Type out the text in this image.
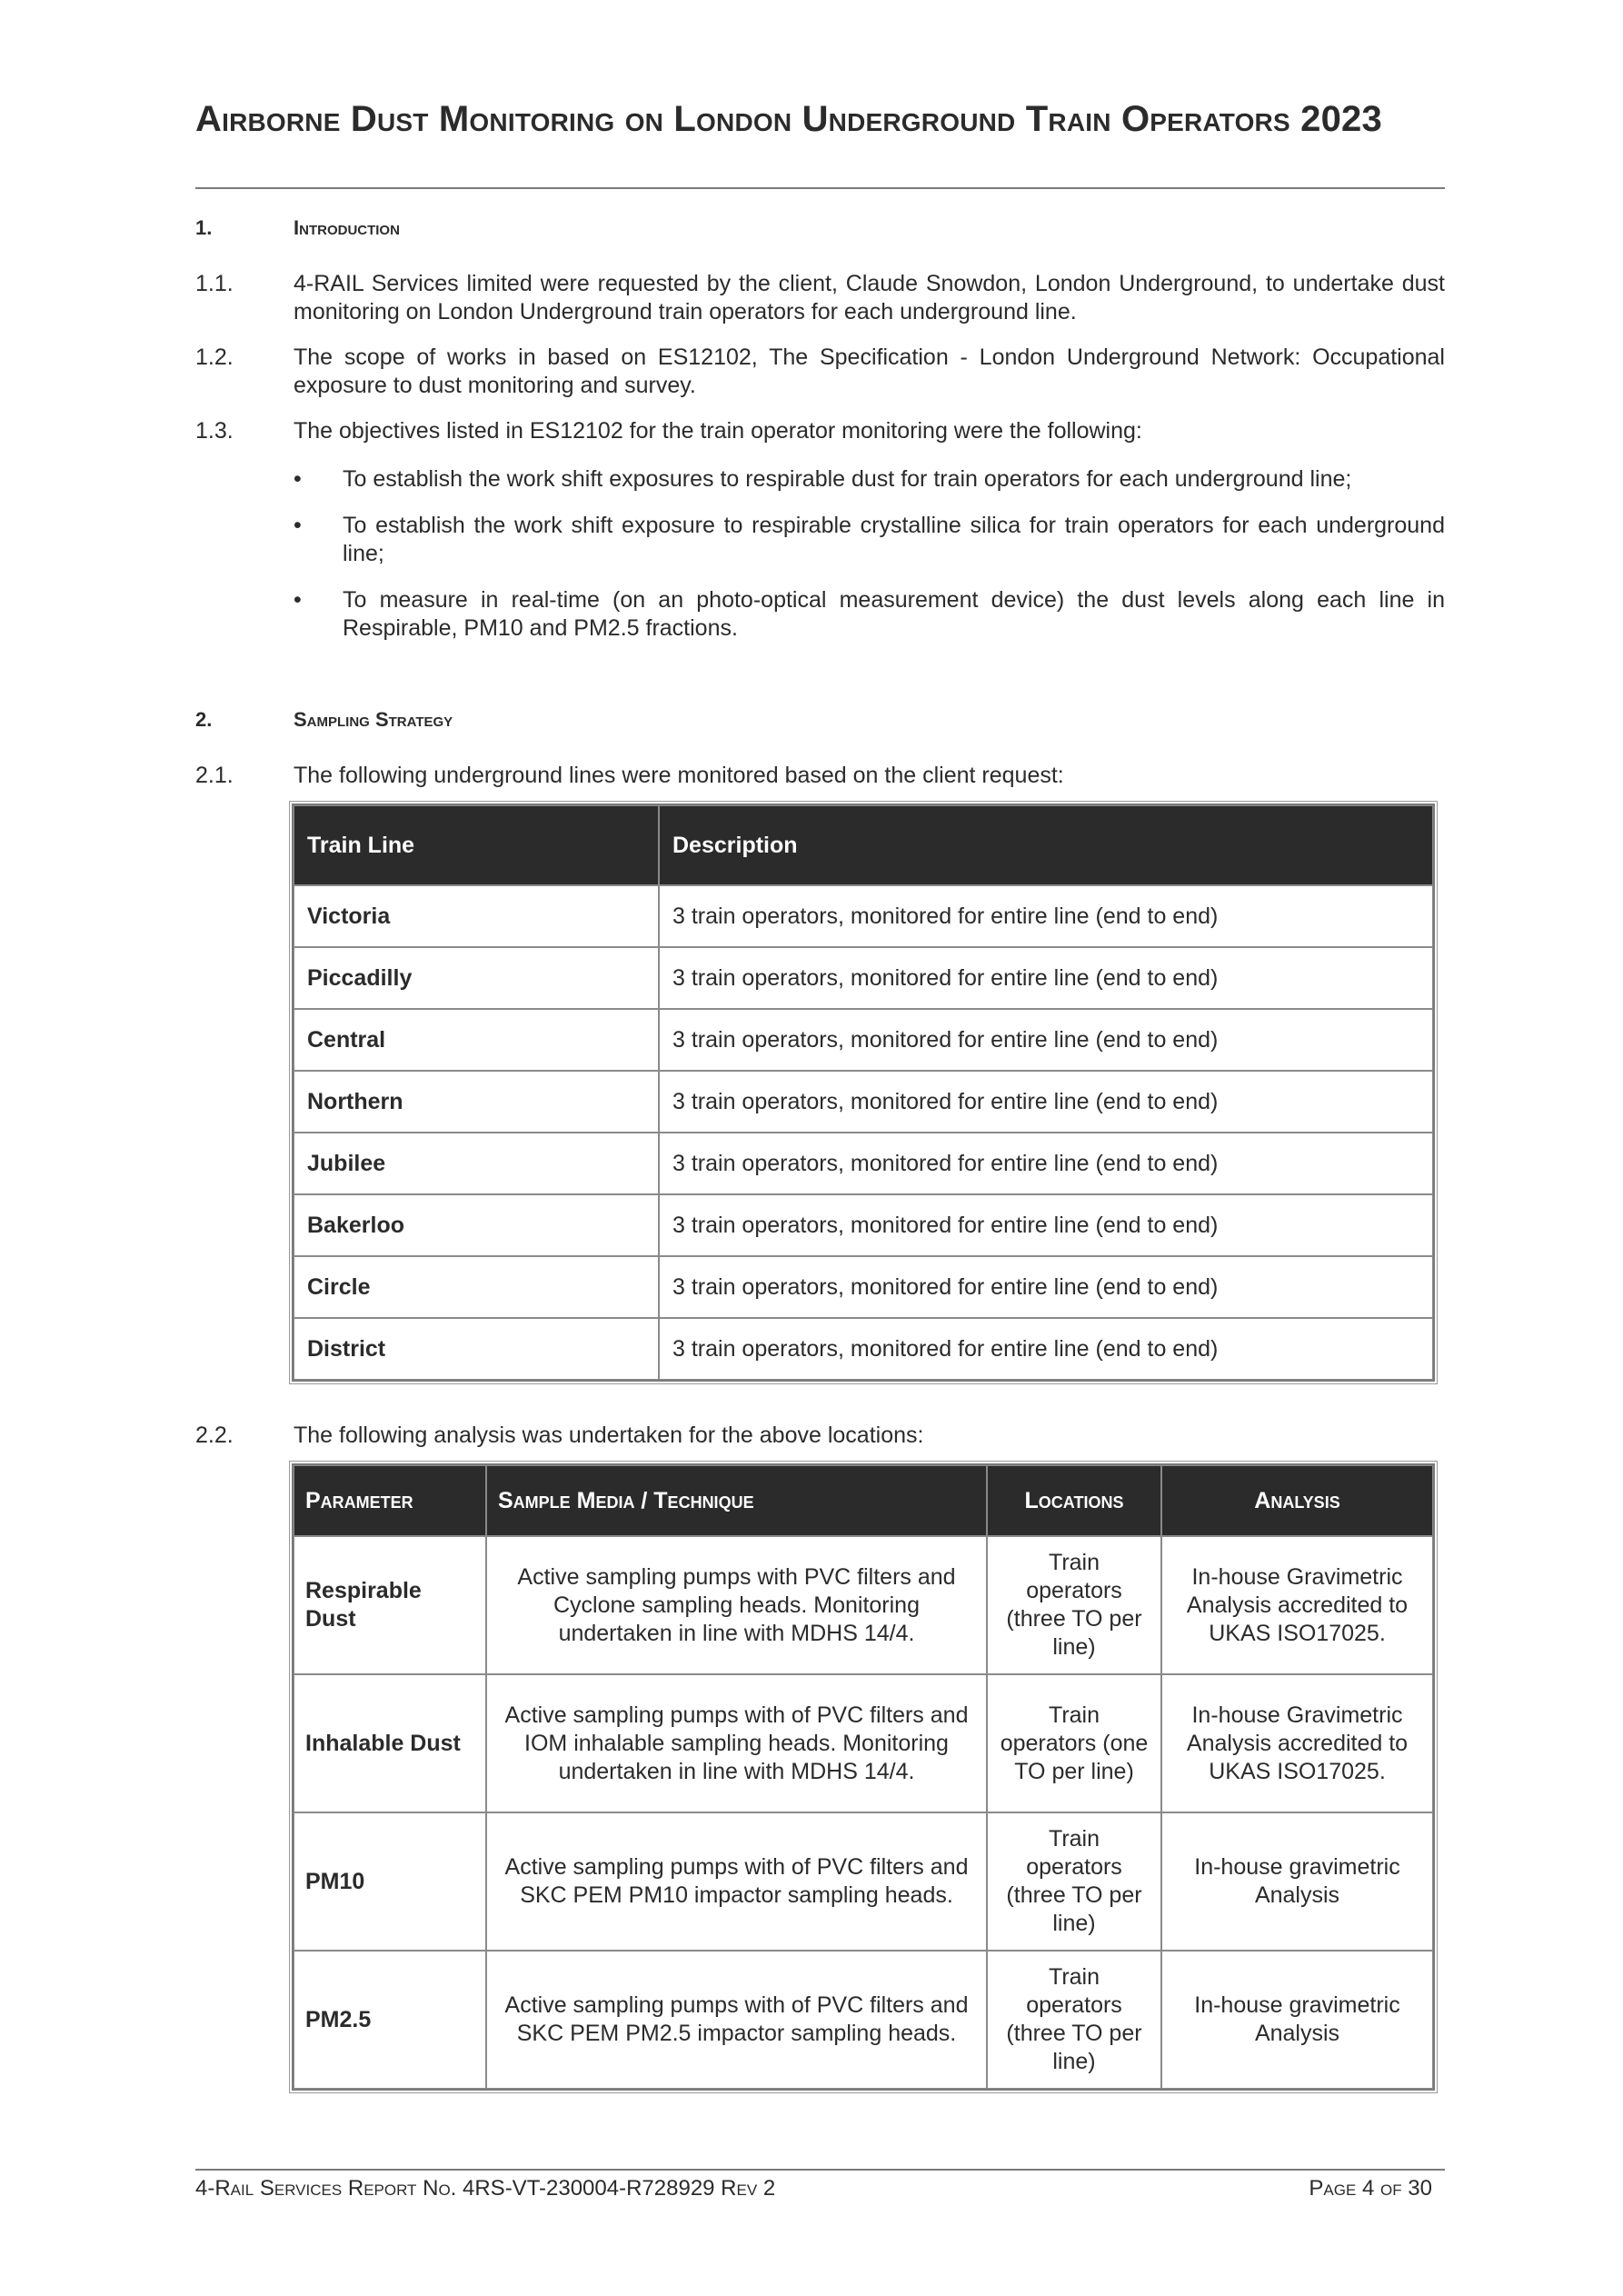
Airborne Dust Monitoring on London Underground Train Operators 2023
1.	Introduction
1.1.	4-RAIL Services limited were requested by the client, Claude Snowdon, London Underground, to undertake dust monitoring on London Underground train operators for each underground line.
1.2.	The scope of works in based on ES12102, The Specification - London Underground Network: Occupational exposure to dust monitoring and survey.
1.3.	The objectives listed in ES12102 for the train operator monitoring were the following:
• To establish the work shift exposures to respirable dust for train operators for each underground line;
• To establish the work shift exposure to respirable crystalline silica for train operators for each underground line;
• To measure in real-time (on an photo-optical measurement device) the dust levels along each line in Respirable, PM10 and PM2.5 fractions.
2.	Sampling Strategy
2.1.	The following underground lines were monitored based on the client request:
Train Line	Description
Victoria	3 train operators, monitored for entire line (end to end)
Piccadilly	3 train operators, monitored for entire line (end to end)
Central	3 train operators, monitored for entire line (end to end)
Northern	3 train operators, monitored for entire line (end to end)
Jubilee	3 train operators, monitored for entire line (end to end)
Bakerloo	3 train operators, monitored for entire line (end to end)
Circle	3 train operators, monitored for entire line (end to end)
District	3 train operators, monitored for entire line (end to end)
2.2.	The following analysis was undertaken for the above locations:
Parameter	Sample Media / Technique	Locations	Analysis
Respirable Dust	Active sampling pumps with PVC filters and Cyclone sampling heads. Monitoring undertaken in line with MDHS 14/4.	Train operators (three TO per line)	In-house Gravimetric Analysis accredited to UKAS ISO17025.
Inhalable Dust	Active sampling pumps with of PVC filters and IOM inhalable sampling heads. Monitoring undertaken in line with MDHS 14/4.	Train operators (one TO per line)	In-house Gravimetric Analysis accredited to UKAS ISO17025.
PM10	Active sampling pumps with of PVC filters and SKC PEM PM10 impactor sampling heads.	Train operators (three TO per line)	In-house gravimetric Analysis
PM2.5	Active sampling pumps with of PVC filters and SKC PEM PM2.5 impactor sampling heads.	Train operators (three TO per line)	In-house gravimetric Analysis
4-Rail Services Report No. 4RS-VT-230004-R728929 Rev 2	Page 4 of 30
